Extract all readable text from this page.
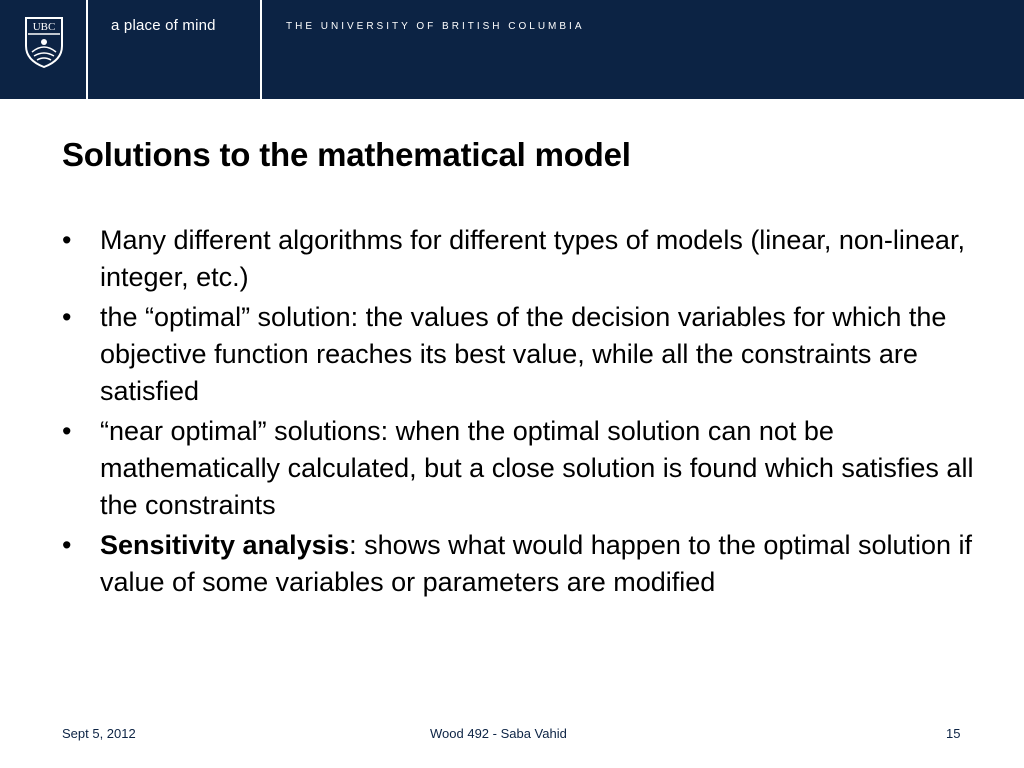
UBC	a place of mind	THE UNIVERSITY OF BRITISH COLUMBIA
Solutions to the mathematical model
• Many different algorithms for different types of models (linear, non-linear, integer, etc.)
• the “optimal” solution: the values of the decision variables for which the objective function reaches its best value, while all the constraints are satisfied
• “near optimal” solutions: when the optimal solution can not be mathematically calculated, but a close solution is found which satisfies all the constraints
• Sensitivity analysis: shows what would happen to the optimal solution if value of some variables or parameters are modified
Sept 5, 2012	Wood 492 - Saba Vahid	15
